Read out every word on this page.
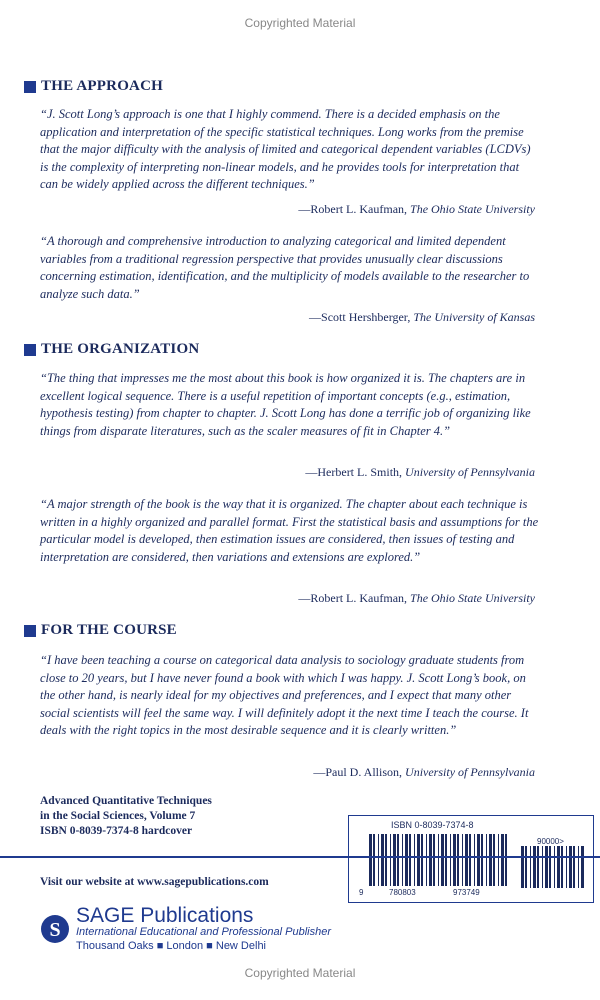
Copyrighted Material
THE APPROACH

“J. Scott Long’s approach is one that I highly commend. There is a decided emphasis on the application and interpretation of the specific statistical techniques. Long works from the premise that the major difficulty with the analysis of limited and categorical dependent variables (LCDVs) is the complexity of interpreting non-linear models, and he provides tools for interpretation that can be widely applied across the different techniques.”

—Robert L. Kaufman, The Ohio State University

“A thorough and comprehensive introduction to analyzing categorical and limited dependent variables from a traditional regression perspective that provides unusually clear discussions concerning estimation, identification, and the multiplicity of models available to the researcher to analyze such data.”

—Scott Hershberger, The University of Kansas
THE ORGANIZATION

“The thing that impresses me the most about this book is how organized it is. The chapters are in excellent logical sequence. There is a useful repetition of important concepts (e.g., estimation, hypothesis testing) from chapter to chapter. J. Scott Long has done a terrific job of organizing like things from disparate literatures, such as the scaler measures of fit in Chapter 4.”

—Herbert L. Smith, University of Pennsylvania

“A major strength of the book is the way that it is organized. The chapter about each technique is written in a highly organized and parallel format. First the statistical basis and assumptions for the particular model is developed, then estimation issues are considered, then issues of testing and interpretation are considered, then variations and extensions are explored.”

—Robert L. Kaufman, The Ohio State University
FOR THE COURSE

“I have been teaching a course on categorical data analysis to sociology graduate students from close to 20 years, but I have never found a book with which I was happy. J. Scott Long’s book, on the other hand, is nearly ideal for my objectives and preferences, and I expect that many other social scientists will feel the same way. I will definitely adopt it the next time I teach the course. It deals with the right topics in the most desirable sequence and it is clearly written.”

—Paul D. Allison, University of Pennsylvania
Advanced Quantitative Techniques
in the Social Sciences, Volume 7
ISBN 0-8039-7374-8 hardcover	ISBN 0-8039-7374-8
90000>
9	780803	973749
Visit our website at www.sagepublications.com
S
SAGE Publications
International Educational and Professional Publisher
Thousand Oaks ■ London ■ New Delhi
Copyrighted Material
